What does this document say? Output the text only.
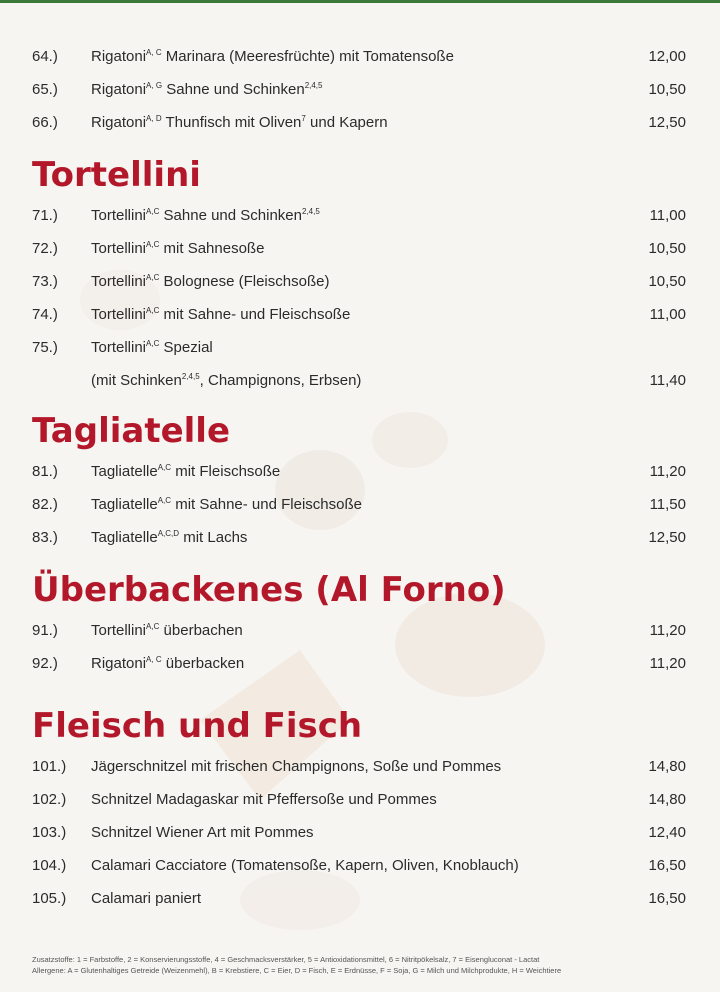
64.) Rigatoni$^{A, C}$ Marinara (Meeresfrüchte) mit Tomatensoße	12,00
65.) Rigatoni$^{A, G}$ Sahne und Schinken$^{2,4,5}$	10,50
66.) Rigatoni$^{A, D}$ Thunfisch mit Oliven$^7$ und Kapern	12,50
Tortellini
71.) Tortellini$^{A,C}$ Sahne und Schinken$^{2,4,5}$	11,00
72.) Tortellini$^{A,C}$ mit Sahnesoße	10,50
73.) Tortellini$^{A,C}$ Bolognese (Fleischsoße)	10,50
74.) Tortellini$^{A,C}$ mit Sahne- und Fleischsoße	11,00
75.) Tortellini$^{A,C}$ Spezial
(mit Schinken$^{2,4,5}$, Champignons, Erbsen)	11,40
Tagliatelle
81.) Tagliatelle$^{A,C}$ mit Fleischsoße	11,20
82.) Tagliatelle$^{A,C}$ mit Sahne- und Fleischsoße	11,50
83.) Tagliatelle$^{A,C,D}$ mit Lachs	12,50
Überbackenes (Al Forno)
91.) Tortellini$^{A,C}$ überbachen	11,20
92.) Rigatoni$^{A, C}$ überbacken	11,20
Fleisch und Fisch
101.) Jägerschnitzel mit frischen Champignons, Soße und Pommes	14,80
102.) Schnitzel Madagaskar mit Pfeffersoße und Pommes	14,80
103.) Schnitzel Wiener Art mit Pommes	12,40
104.) Calamari Cacciatore (Tomatensoße, Kapern, Oliven, Knoblauch)	16,50
105.) Calamari paniert	16,50
Zusatzstoffe: 1 = Farbstoffe, 2 = Konservierungsstoffe, 4 = Geschmacksverstärker, 5 = Antioxidationsmittel, 6 = Nitritpökelsalz, 7 = Eisengluconat - Lactat
Allergene: A = Glutenhaltiges Getreide (Weizenmehl), B = Krebstiere, C = Eier, D = Fisch, E = Erdnüsse, F = Soja, G = Milch und Milchprodukte, H = Weichtiere
